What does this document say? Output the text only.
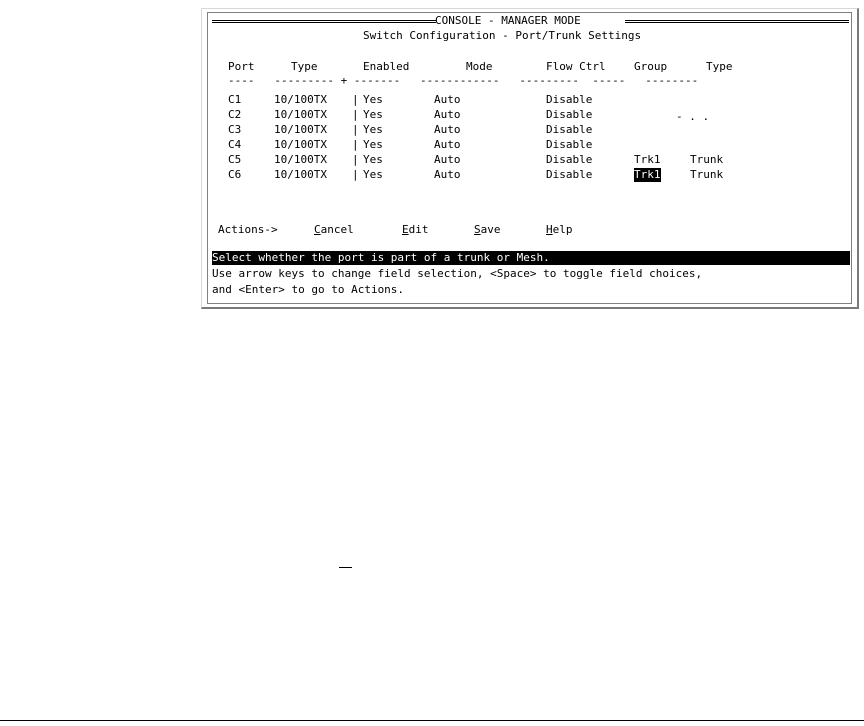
CONSOLE - MANAGER MODE
Switch Configuration - Port/Trunk Settings
Port	Type	Enabled	Mode	Flow Ctrl	Group	Type
----   --------- + -------   ------------   ---------  -----   --------
C1	10/100TX | Yes	Auto	Disable
C2	10/100TX | Yes	Auto	Disable
C3	10/100TX | Yes	Auto	Disable
C4	10/100TX | Yes	Auto	Disable
C5	10/100TX | Yes	Auto	Disable	Trk1	Trunk
C6	10/100TX | Yes	Auto	Disable	Trk1	Trunk
- . .
Actions->	Cancel	Edit	Save	Help
Select whether the port is part of a trunk or Mesh.
Use arrow keys to change field selection, <Space> to toggle field choices,
and <Enter> to go to Actions.
